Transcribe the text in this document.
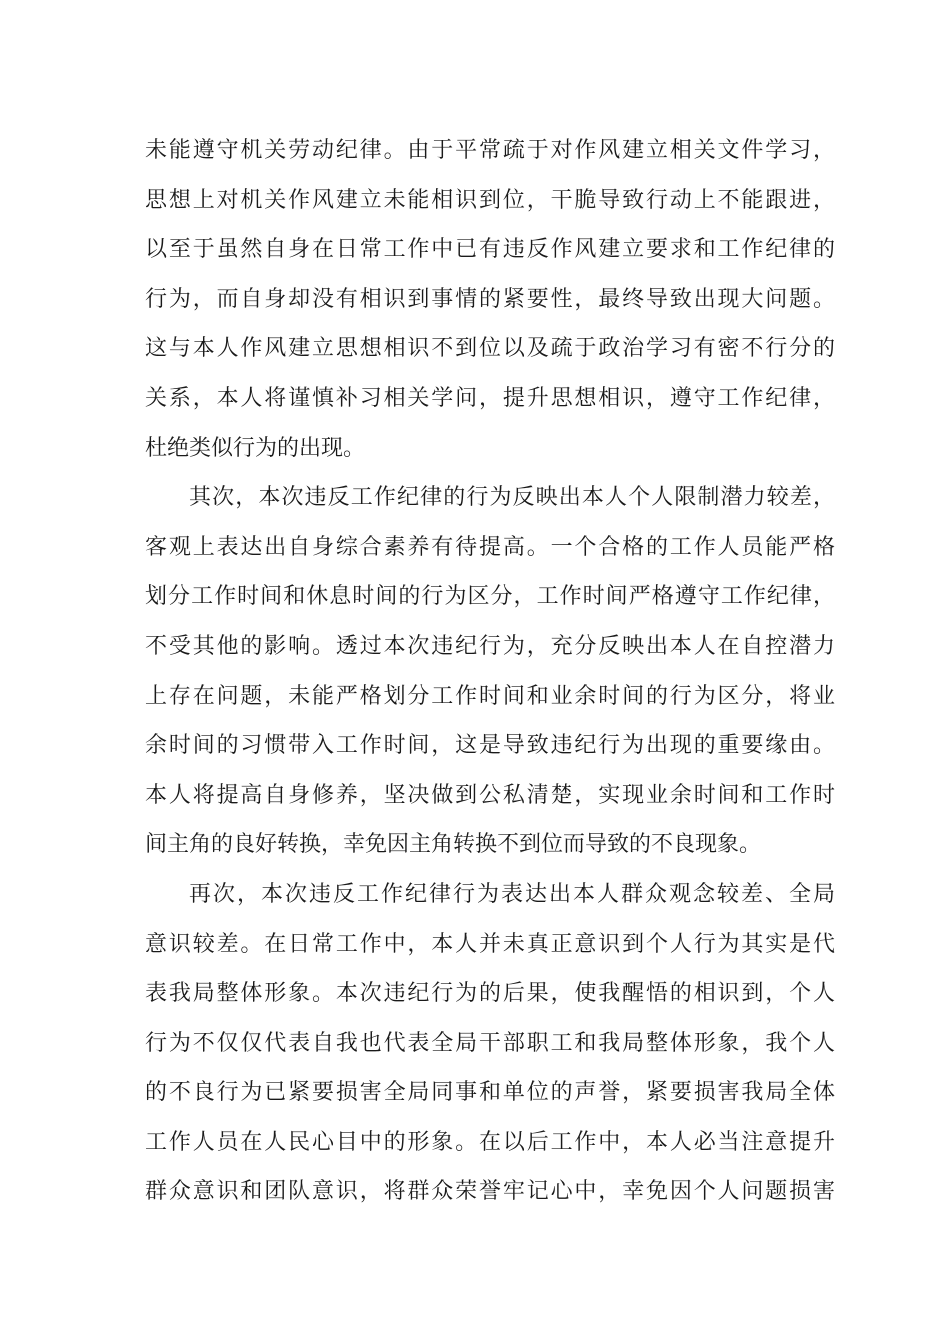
未能遵守机关劳动纪律。由于平常疏于对作风建立相关文件学习，
思想上对机关作风建立未能相识到位，干脆导致行动上不能跟进，
以至于虽然自身在日常工作中已有违反作风建立要求和工作纪律的
行为，而自身却没有相识到事情的紧要性，最终导致出现大问题。
这与本人作风建立思想相识不到位以及疏于政治学习有密不行分的
关系，本人将谨慎补习相关学问，提升思想相识，遵守工作纪律，
杜绝类似行为的出现。
其次，本次违反工作纪律的行为反映出本人个人限制潜力较差，
客观上表达出自身综合素养有待提高。一个合格的工作人员能严格
划分工作时间和休息时间的行为区分，工作时间严格遵守工作纪律，
不受其他的影响。透过本次违纪行为，充分反映出本人在自控潜力
上存在问题，未能严格划分工作时间和业余时间的行为区分，将业
余时间的习惯带入工作时间，这是导致违纪行为出现的重要缘由。
本人将提高自身修养，坚决做到公私清楚，实现业余时间和工作时
间主角的良好转换，幸免因主角转换不到位而导致的不良现象。
再次，本次违反工作纪律行为表达出本人群众观念较差、全局
意识较差。在日常工作中，本人并未真正意识到个人行为其实是代
表我局整体形象。本次违纪行为的后果，使我醒悟的相识到，个人
行为不仅仅代表自我也代表全局干部职工和我局整体形象，我个人
的不良行为已紧要损害全局同事和单位的声誉，紧要损害我局全体
工作人员在人民心目中的形象。在以后工作中，本人必当注意提升
群众意识和团队意识，将群众荣誉牢记心中，幸免因个人问题损害
